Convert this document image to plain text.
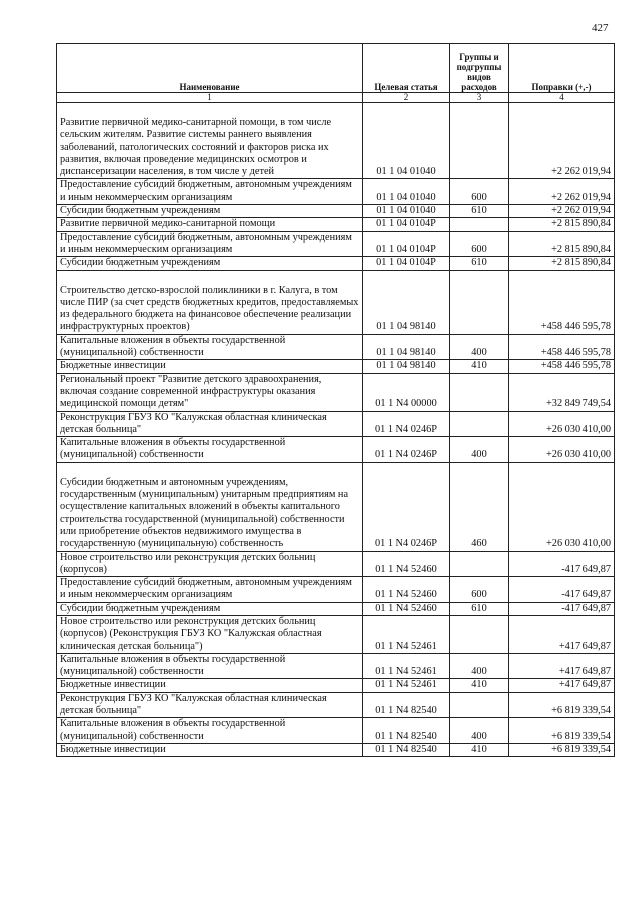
427
Наименование	Целевая статья	Группы и подгруппы видов расходов	Поправки (+,-)
1	2	3	4

Развитие первичной медико-санитарной помощи, в том числе сельским жителям. Развитие системы раннего выявления заболеваний, патологических состояний и факторов риска их развития, включая проведение медицинских осмотров и диспансеризации населения, в том числе у детей	01 1 04 01040		+2 262 019,94
Предоставление субсидий бюджетным, автономным учреждениям и иным некоммерческим организациям	01 1 04 01040	600	+2 262 019,94
Субсидии бюджетным учреждениям	01 1 04 01040	610	+2 262 019,94
Развитие первичной медико-санитарной помощи	01 1 04 0104Р		+2 815 890,84
Предоставление субсидий бюджетным, автономным учреждениям и иным некоммерческим организациям	01 1 04 0104Р	600	+2 815 890,84
Субсидии бюджетным учреждениям	01 1 04 0104Р	610	+2 815 890,84

Строительство детско-взрослой поликлиники в г. Калуга, в том числе ПИР (за счет средств бюджетных кредитов, предоставляемых из федерального бюджета на финансовое обеспечение реализации инфраструктурных проектов)	01 1 04 98140		+458 446 595,78
Капитальные вложения в объекты государственной (муниципальной) собственности	01 1 04 98140	400	+458 446 595,78
Бюджетные инвестиции	01 1 04 98140	410	+458 446 595,78
Региональный проект "Развитие детского здравоохранения, включая создание современной инфраструктуры оказания медицинской помощи детям"	01 1 N4 00000		+32 849 749,54
Реконструкция ГБУЗ КО "Калужская областная клиническая детская больница"	01 1 N4 0246Р		+26 030 410,00
Капитальные вложения в объекты государственной (муниципальной) собственности	01 1 N4 0246Р	400	+26 030 410,00

Субсидии бюджетным и автономным учреждениям, государственным (муниципальным) унитарным предприятиям на осуществление капитальных вложений в объекты капитального строительства государственной (муниципальной) собственности или приобретение объектов недвижимого имущества в государственную (муниципальную) собственность	01 1 N4 0246Р	460	+26 030 410,00
Новое строительство или реконструкция детских больниц (корпусов)	01 1 N4 52460		-417 649,87
Предоставление субсидий бюджетным, автономным учреждениям и иным некоммерческим организациям	01 1 N4 52460	600	-417 649,87
Субсидии бюджетным учреждениям	01 1 N4 52460	610	-417 649,87
Новое строительство или реконструкция детских больниц (корпусов) (Реконструкция ГБУЗ КО "Калужская областная клиническая детская больница")	01 1 N4 52461		+417 649,87
Капитальные вложения в объекты государственной (муниципальной) собственности	01 1 N4 52461	400	+417 649,87
Бюджетные инвестиции	01 1 N4 52461	410	+417 649,87
Реконструкция ГБУЗ КО "Калужская областная клиническая детская больница"	01 1 N4 82540		+6 819 339,54
Капитальные вложения в объекты государственной (муниципальной) собственности	01 1 N4 82540	400	+6 819 339,54
Бюджетные инвестиции	01 1 N4 82540	410	+6 819 339,54
